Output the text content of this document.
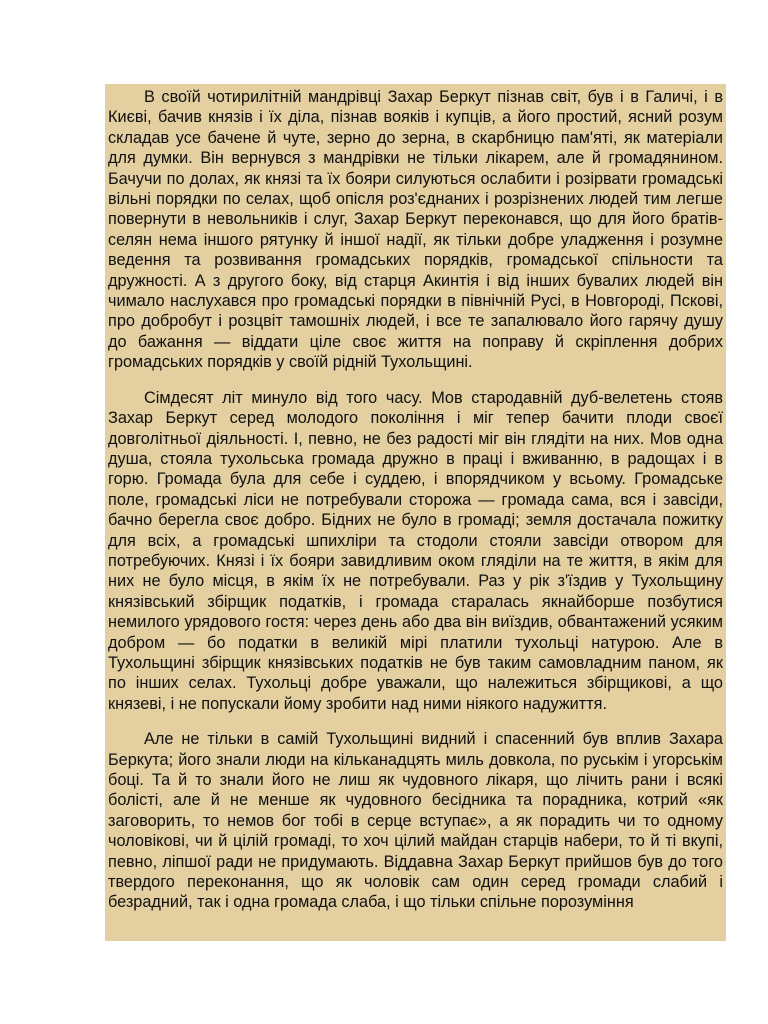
В своїй чотирилітній мандрівці Захар Беркут пізнав світ, був і в Галичі, і в Києві, бачив князів і їх діла, пізнав вояків і купців, а його простий, ясний розум складав усе бачене й чуте, зерно до зерна, в скарбницю пам'яті, як матеріали для думки. Він вернувся з мандрівки не тільки лікарем, але й громадянином. Бачучи по долах, як князі та їх бояри силуються ослабити і розірвати громадські вільні порядки по селах, щоб опісля роз'єднаних і розрізнених людей тим легше повернути в невольників і слуг, Захар Беркут переконався, що для його братів-селян нема іншого рятунку й іншої надії, як тільки добре уладження і розумне ведення та розвивання громадських порядків, громадської спільности та дружності. А з другого боку, від старця Акинтія і від інших бувалих людей він чимало наслухався про громадські порядки в північній Русі, в Новгороді, Пскові, про добробут і розцвіт тамошніх людей, і все те запалювало його гарячу душу до бажання — віддати ціле своє життя на поправу й скріплення добрих громадських порядків у своїй рідній Тухольщині.

Сімдесят літ минуло від того часу. Мов стародавній дуб-велетень стояв Захар Беркут серед молодого покоління і міг тепер бачити плоди своєї довголітньої діяльності. І, певно, не без радості міг він глядіти на них. Мов одна душа, стояла тухольська громада дружно в праці і вживанню, в радощах і в горю. Громада була для себе і суддею, і впорядчиком у всьому. Громадське поле, громадські ліси не потребували сторожа — громада сама, вся і завсіди, бачно берегла своє добро. Бідних не було в громаді; земля достачала пожитку для всіх, а громадські шпихліри та стодоли стояли завсіди отвором для потребуючих. Князі і їх бояри завидливим оком гляділи на те життя, в якім для них не було місця, в якім їх не потребували. Раз у рік з'їздив у Тухольщину князівський збірщик податків, і громада старалась якнайборше позбутися немилого урядового гостя: через день або два він виїздив, обвантажений усяким добром — бо податки в великій мірі платили тухольці натурою. Але в Тухольщині збірщик князівських податків не був таким самовладним паном, як по інших селах. Тухольці добре уважали, що належиться збірщикові, а що князеві, і не попускали йому зробити над ними ніякого надужиття.

Але не тільки в самій Тухольщині видний і спасенний був вплив Захара Беркута; його знали люди на кільканадцять миль довкола, по руськім і угорськім боці. Та й то знали його не лиш як чудовного лікаря, що лічить рани і всякі болісті, але й не менше як чудовного бесідника та порадника, котрий «як заговорить, то немов бог тобі в серце вступає», а як порадить чи то одному чоловікові, чи й цілій громаді, то хоч цілий майдан старців набери, то й ті вкупі, певно, ліпшої ради не придумають. Віддавна Захар Беркут прийшов був до того твердого переконання, що як чоловік сам один серед громади слабий і безрадний, так і одна громада слаба, і що тільки спільне порозуміння
